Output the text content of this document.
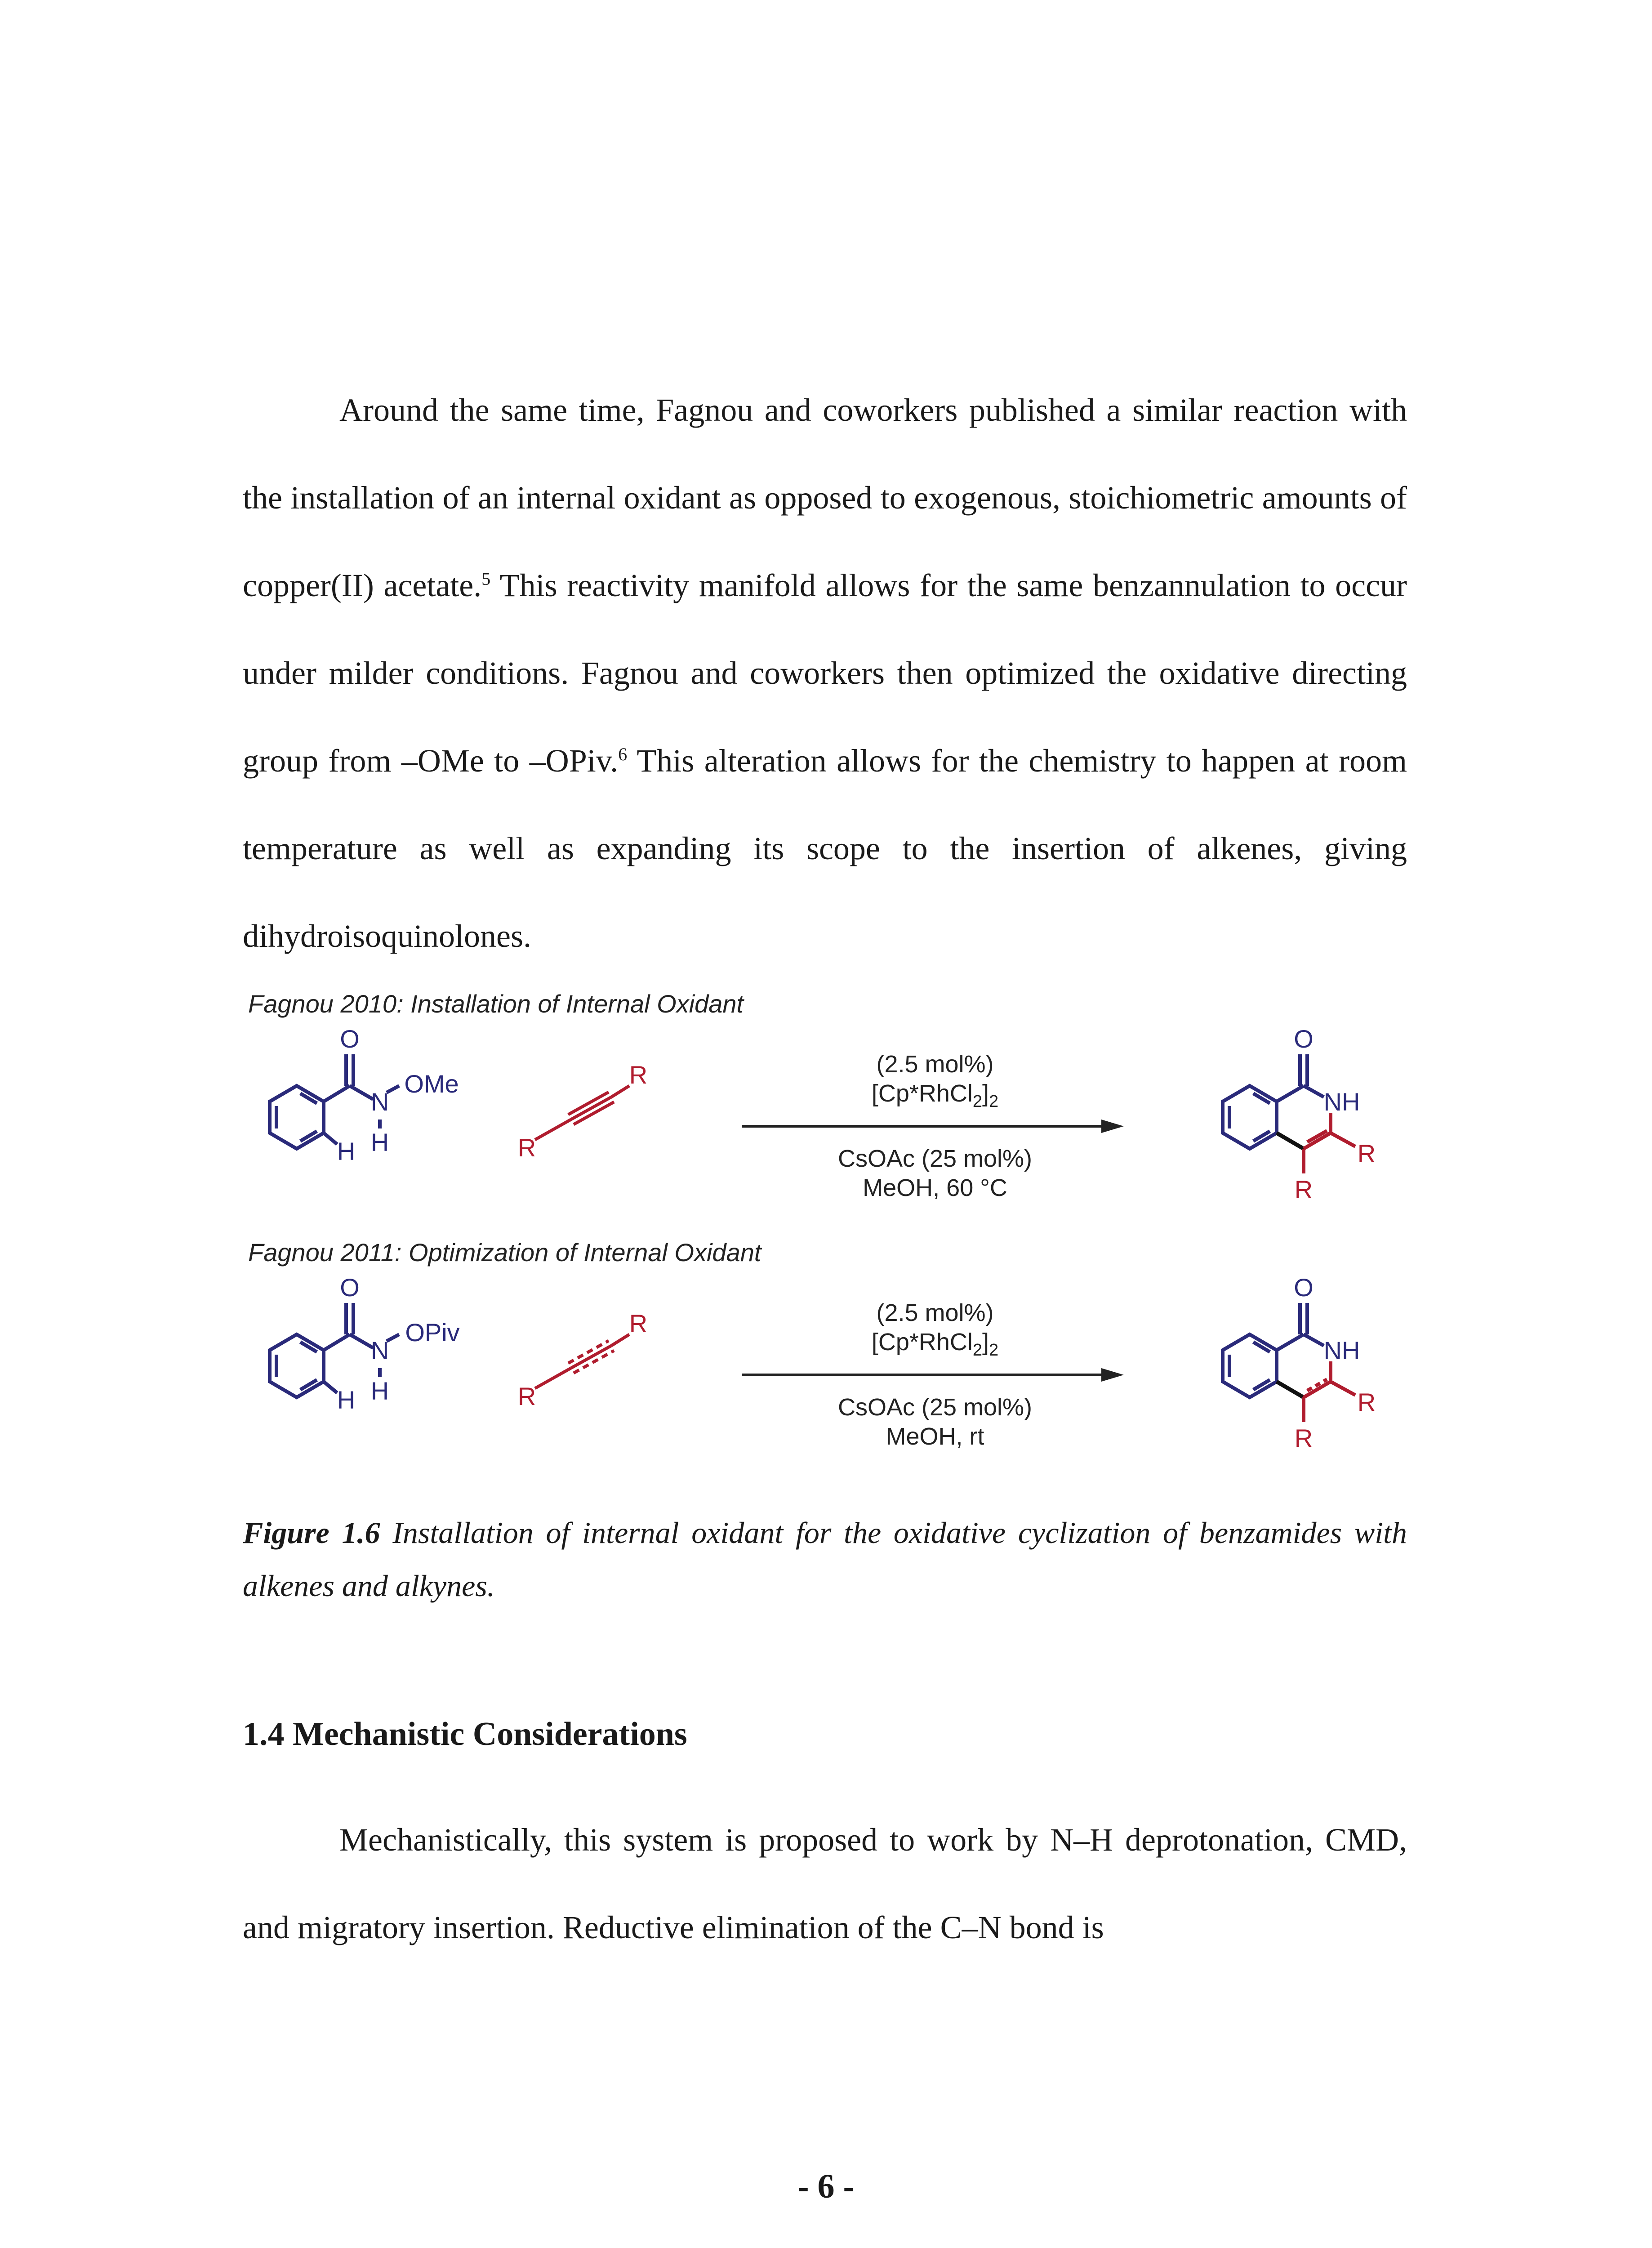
Around the same time, Fagnou and coworkers published a similar reaction with the installation of an internal oxidant as opposed to exogenous, stoichiometric amounts of copper(II) acetate.$^5$ This reactivity manifold allows for the same benzannulation to occur under milder conditions. Fagnou and coworkers then optimized the oxidative directing group from –OMe to –OPiv.$^6$ This alteration allows for the chemistry to happen at room temperature as well as expanding its scope to the insertion of alkenes, giving dihydroisoquinolones.

Fagnou 2010: Installation of Internal Oxidant
O
N
H
H
OMe	R
R
(2.5 mol%)
$[Cp*RhCl_2]_2$
CsOAc (25 mol%)
MeOH, 60 °C
O
NH
R
R
Fagnou 2011: Optimization of Internal Oxidant
O
N
H
H
OPiv	R
R
(2.5 mol%)
$[Cp*RhCl_2]_2$
CsOAc (25 mol%)
MeOH, rt
O
NH
R
R
Figure 1.6 Installation of internal oxidant for the oxidative cyclization of benzamides with alkenes and alkynes.
1.4 Mechanistic Considerations

Mechanistically, this system is proposed to work by N–H deprotonation, CMD, and migratory insertion. Reductive elimination of the C–N bond is

- 6 -
